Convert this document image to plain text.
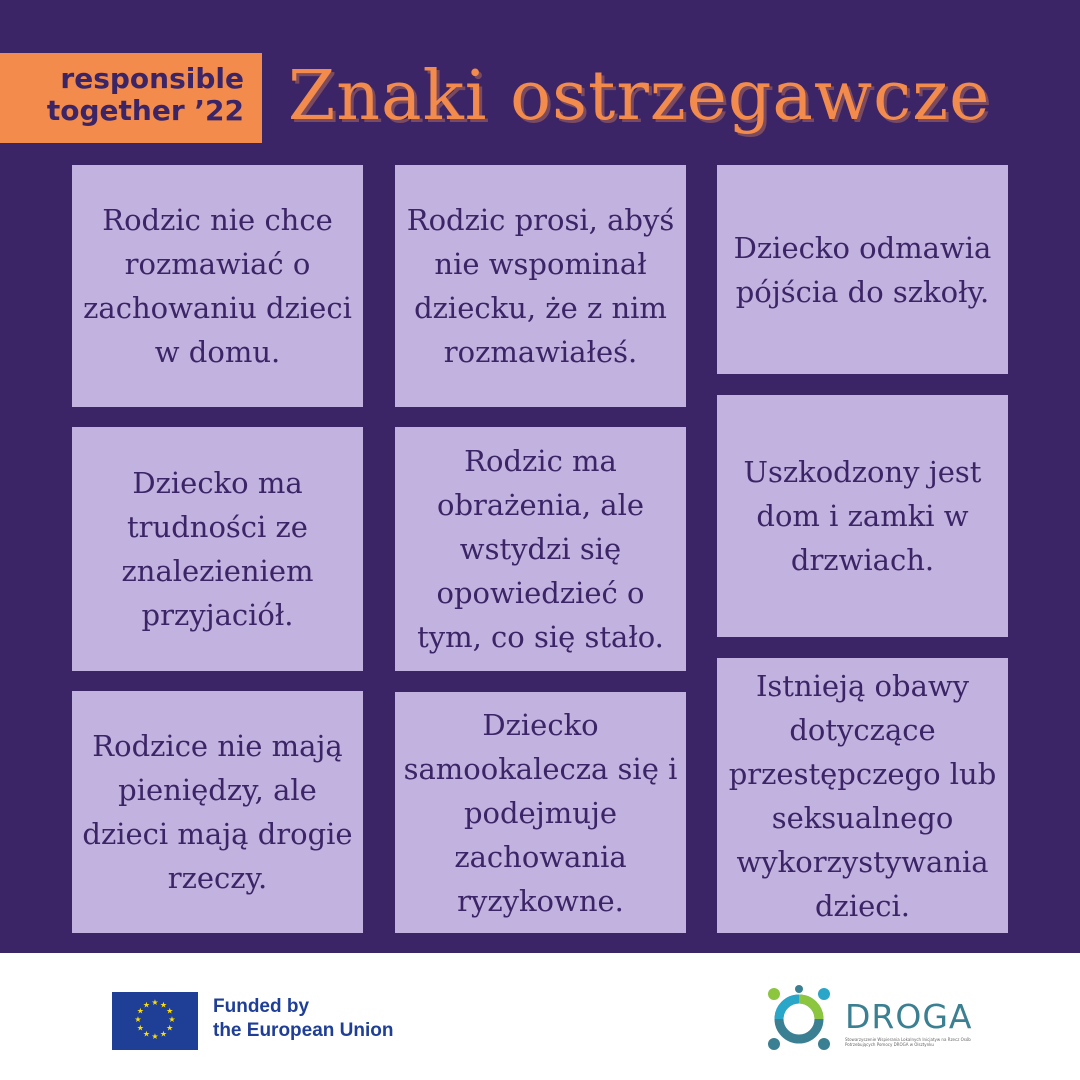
responsible
together ’22 Znaki ostrzegawcze
Rodzic nie chce rozmawiać o zachowaniu dzieci w domu.
Rodzic prosi, abyś nie wspominał dziecku, że z nim rozmawiałeś.
Dziecko odmawia pójścia do szkoły.
Dziecko ma trudności ze znalezieniem przyjaciół.
Rodzic ma obrażenia, ale wstydzi się opowiedzieć o tym, co się stało.
Uszkodzony jest dom i zamki w drzwiach.
Rodzice nie mają pieniędzy, ale dzieci mają drogie rzeczy.
Dziecko samookalecza się i podejmuje zachowania ryzykowne.
Istnieją obawy dotyczące przestępczego lub seksualnego wykorzystywania dzieci.
★ ★
★
★
★
★
★
★
★
★
★
★	Funded by
the European Union	DROGA
Stowarzyszenie Wspierania Lokalnych Inicjatyw na Rzecz Osób Potrzebujących Pomocy DROGA w Olsztynku
